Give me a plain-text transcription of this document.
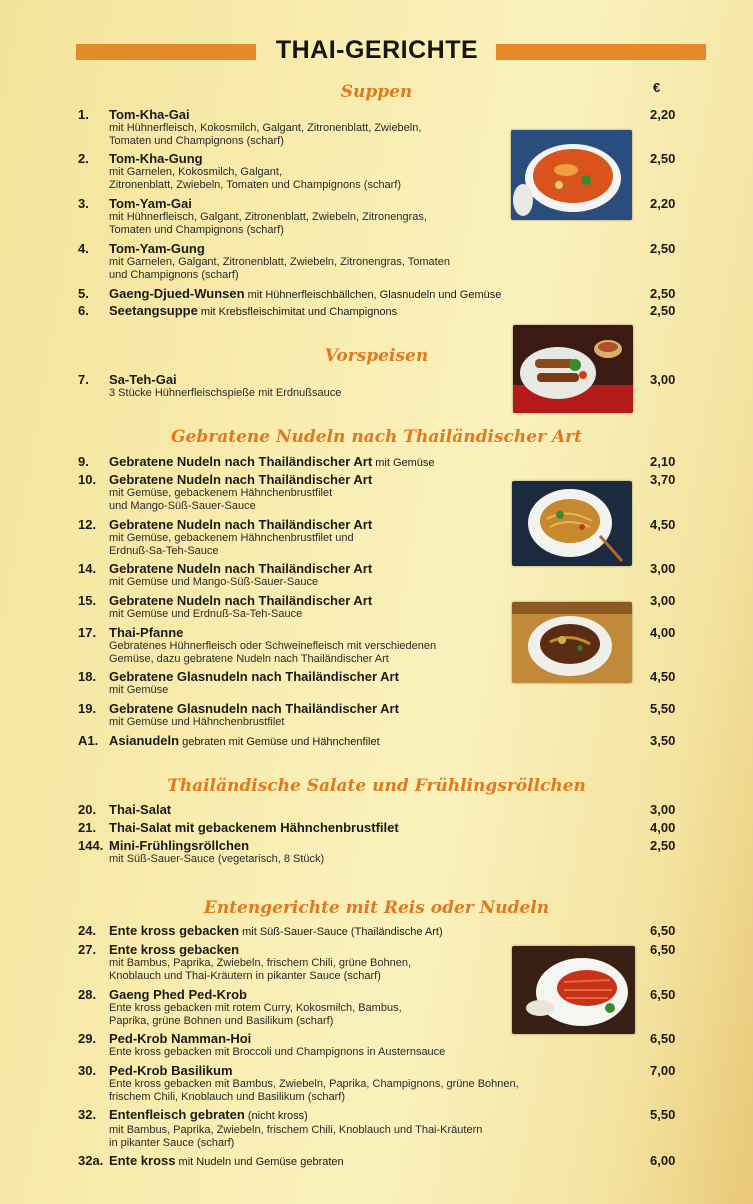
THAI-GERICHTE
€
Suppen
1. Tom-Kha-Gai
mit Hühnerfleisch, Kokosmilch, Galgant, Zitronenblatt, Zwiebeln,
Tomaten und Champignons (scharf)
2,20
2. Tom-Kha-Gung
mit Garnelen, Kokosmilch, Galgant,
Zitronenblatt, Zwiebeln, Tomaten und Champignons (scharf)
2,50
3. Tom-Yam-Gai
mit Hühnerfleisch, Galgant, Zitronenblatt, Zwiebeln, Zitronengras,
Tomaten und Champignons (scharf)
2,20
4. Tom-Yam-Gung
mit Garnelen, Galgant, Zitronenblatt, Zwiebeln, Zitronengras, Tomaten
und Champignons (scharf)
2,50
5. Gaeng-Djued-Wunsen mit Hühnerfleischbällchen, Glasnudeln und Gemüse	2,50
6. Seetangsuppe mit Krebsfleischimitat und Champignons	2,50
Vorspeisen
7. Sa-Teh-Gai
3 Stücke Hühnerfleischspieße mit Erdnußsauce
3,00
Gebratene Nudeln nach Thailändischer Art
9. Gebratene Nudeln nach Thailändischer Art mit Gemüse	2,10
10. Gebratene Nudeln nach Thailändischer Art
mit Gemüse, gebackenem Hähnchenbrustfilet
und Mango-Süß-Sauer-Sauce
3,70
12. Gebratene Nudeln nach Thailändischer Art
mit Gemüse, gebackenem Hähnchenbrustfilet und
Erdnuß-Sa-Teh-Sauce
4,50
14. Gebratene Nudeln nach Thailändischer Art
mit Gemüse und Mango-Süß-Sauer-Sauce
3,00
15. Gebratene Nudeln nach Thailändischer Art
mit Gemüse und Erdnuß-Sa-Teh-Sauce
3,00
17. Thai-Pfanne
Gebratenes Hühnerfleisch oder Schweinefleisch mit verschiedenen
Gemüse, dazu gebratene Nudeln nach Thailändischer Art
4,00
18. Gebratene Glasnudeln nach Thailändischer Art
mit Gemüse
4,50
19. Gebratene Glasnudeln nach Thailändischer Art
mit Gemüse und Hähnchenbrustfilet
5,50
A1. Asianudeln gebraten mit Gemüse und Hähnchenfilet	3,50
Thailändische Salate und Frühlingsröllchen
20. Thai-Salat	3,00
21. Thai-Salat mit gebackenem Hähnchenbrustfilet	4,00
144. Mini-Frühlingsröllchen
mit Süß-Sauer-Sauce (vegetarisch, 8 Stück)
2,50
Entengerichte mit Reis oder Nudeln
24. Ente kross gebacken mit Süß-Sauer-Sauce (Thailändische Art)	6,50
27. Ente kross gebacken
mit Bambus, Paprika, Zwiebeln, frischem Chili, grüne Bohnen,
Knoblauch und Thai-Kräutern in pikanter Sauce (scharf)
6,50
28. Gaeng Phed Ped-Krob
Ente kross gebacken mit rotem Curry, Kokosmilch, Bambus,
Paprika, grüne Bohnen und Basilikum (scharf)
6,50
29. Ped-Krob Namman-Hoi
Ente kross gebacken mit Broccoli und Champignons in Austernsauce
6,50
30. Ped-Krob Basilikum
Ente kross gebacken mit Bambus, Zwiebeln, Paprika, Champignons, grüne Bohnen,
frischem Chili, Knoblauch und Basilikum (scharf)
7,00
32. Entenfleisch gebraten (nicht kross)
mit Bambus, Paprika, Zwiebeln, frischem Chili, Knoblauch und Thai-Kräutern
in pikanter Sauce (scharf)
5,50
32a. Ente kross mit Nudeln und Gemüse gebraten	6,00
